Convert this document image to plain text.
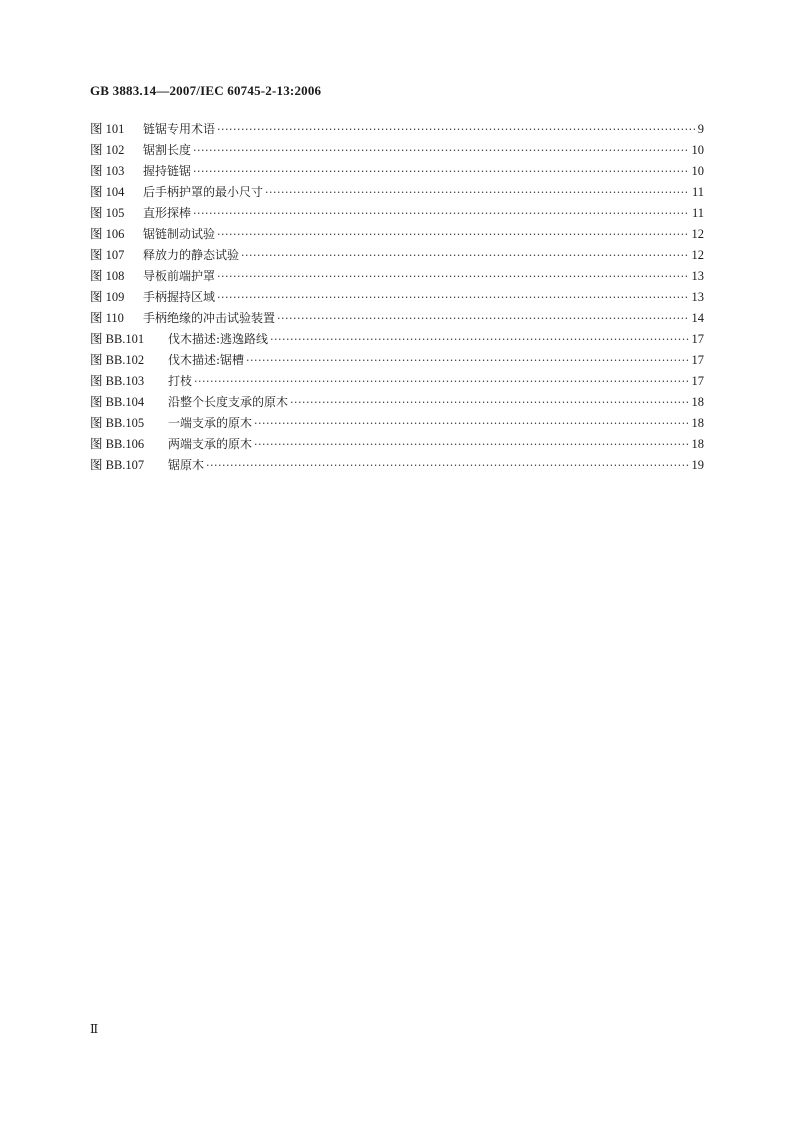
GB 3883.14—2007/IEC 60745-2-13:2006
图 101	链锯专用术语 ·····	9
图 102	锯割长度 ·····	10
图 103	握持链锯 ·····	10
图 104	后手柄护罩的最小尺寸 ·····	11
图 105	直形探棒 ·····	11
图 106	锯链制动试验 ·····	12
图 107	释放力的静态试验 ·····	12
图 108	导板前端护罩 ·····	13
图 109	手柄握持区域 ·····	13
图 110	手柄绝缘的冲击试验装置 ·····	14
图 BB.101	伐木描述:逃逸路线 ·····	17
图 BB.102	伐木描述:锯槽 ·····	17
图 BB.103	打枝 ·····	17
图 BB.104	沿整个长度支承的原木 ·····	18
图 BB.105	一端支承的原木 ·····	18
图 BB.106	两端支承的原木 ·····	18
图 BB.107	锯原木 ·····	19
Ⅱ
